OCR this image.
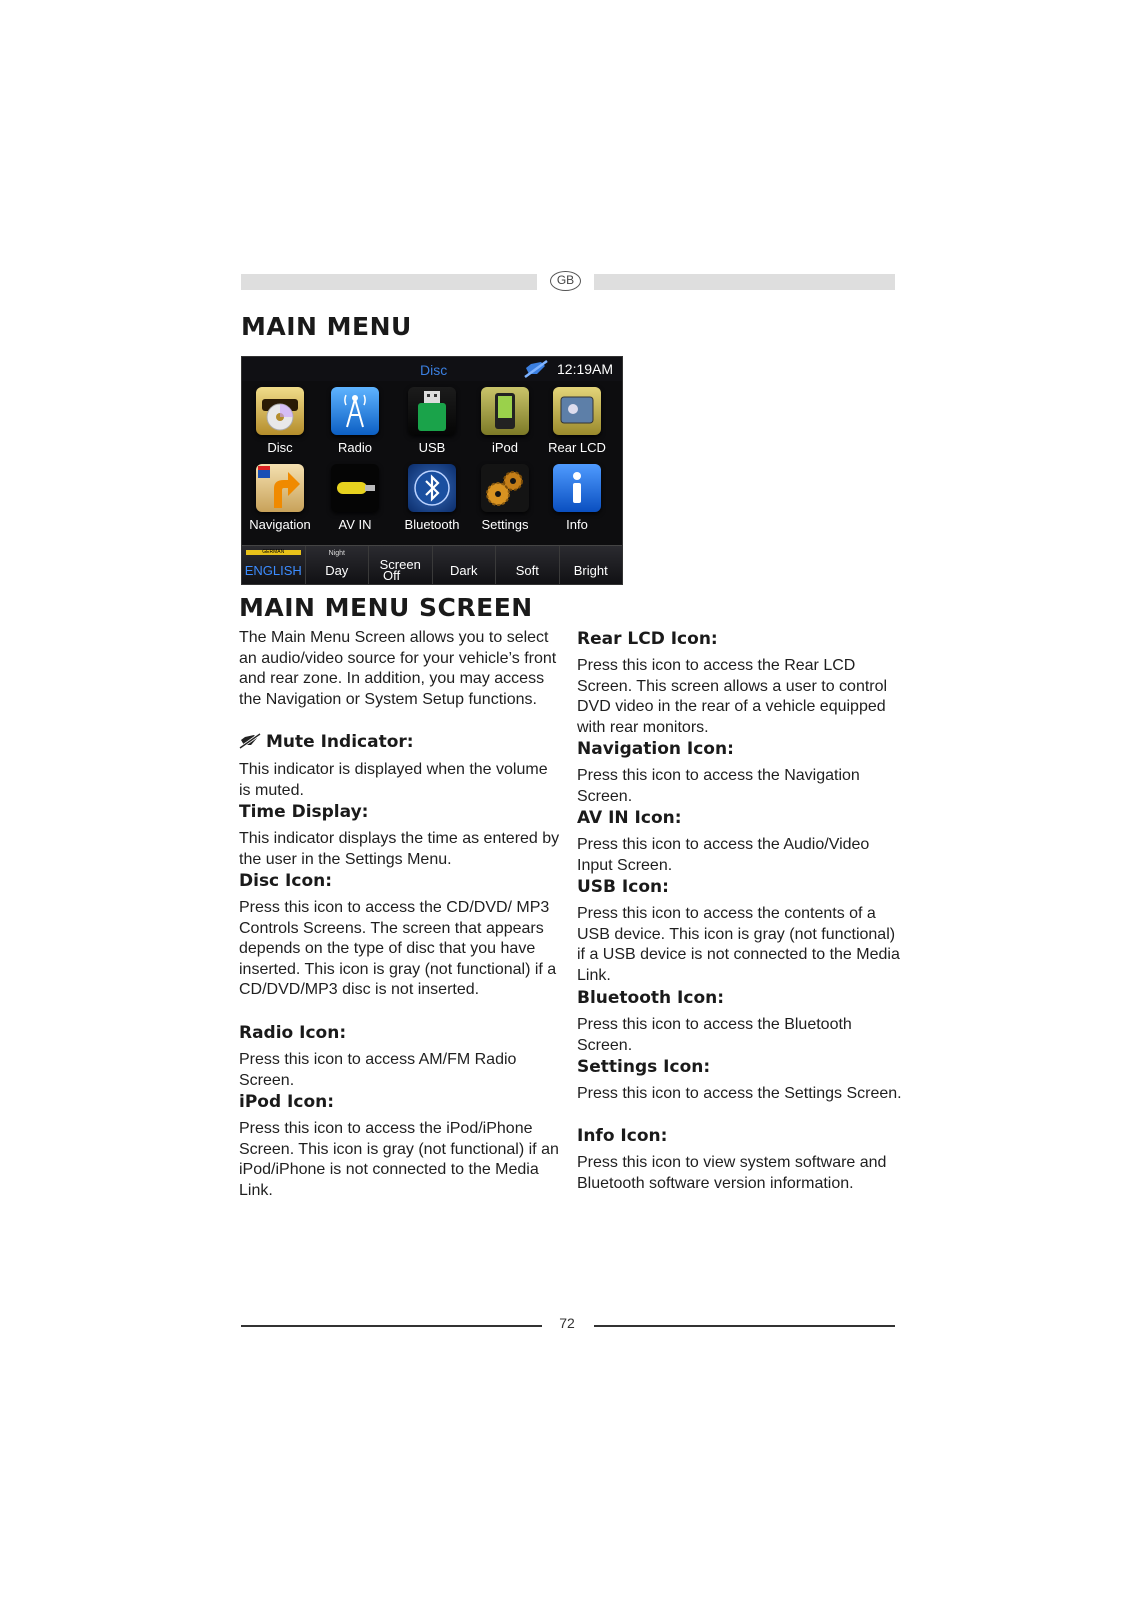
GB
MAIN MENU
Disc	12:19AM
Disc	Radio	USB	iPod	Rear LCD
Navigation	AV IN	Bluetooth	Settings	Info
GERMAN
ENGLISH
Night
Day	Screen
Off	Dark	Soft	Bright
MAIN MENU SCREEN

The Main Menu Screen allows you to select an audio/video source for your vehicle’s front and rear zone. In addition, you may access the Navigation or System Setup functions.

Mute Indicator:

This indicator is displayed when the volume is muted.

Time Display:

This indicator displays the time as entered by the user in the Settings Menu.

Disc Icon:

Press this icon to access the CD/DVD/ MP3 Controls Screens. The screen that appears depends on the type of disc that you have inserted. This icon is gray (not functional) if a CD/DVD/MP3 disc is not inserted.

Radio Icon:

Press this icon to access AM/FM Radio Screen.

iPod Icon:

Press this icon to access the iPod/iPhone Screen. This icon is gray (not functional) if an iPod/iPhone is not connected to the Media Link.

Rear LCD Icon:

Press this icon to access the Rear LCD Screen. This screen allows a user to control DVD video in the rear of a vehicle equipped with rear monitors.

Navigation Icon:

Press this icon to access the Navigation Screen.

AV IN Icon:

Press this icon to access the Audio/Video Input Screen.

USB Icon:

Press this icon to access the contents of a USB device. This icon is gray (not functional) if a USB device is not connected to the Media Link.

Bluetooth Icon:

Press this icon to access the Bluetooth Screen.

Settings Icon:

Press this icon to access the Settings Screen.

Info Icon:

Press this icon to view system software and Bluetooth software version information.

72
